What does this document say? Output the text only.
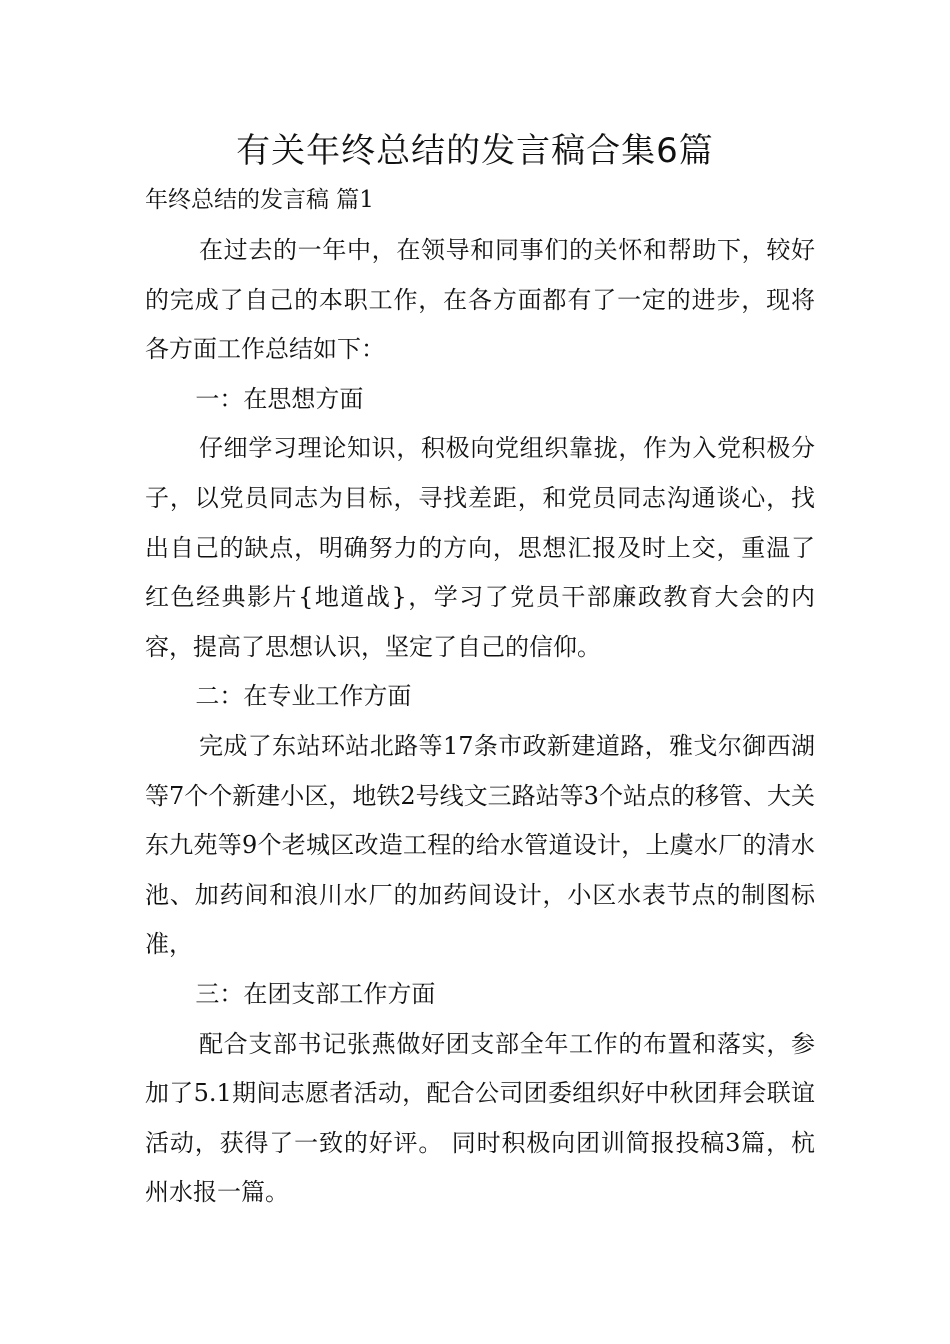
有关年终总结的发言稿合集6篇
年终总结的发言稿 篇1

在过去的一年中，在领导和同事们的关怀和帮助下，较好的完成了自己的本职工作，在各方面都有了一定的进步，现将各方面工作总结如下：

一：在思想方面

仔细学习理论知识，积极向党组织靠拢，作为入党积极分子，以党员同志为目标，寻找差距，和党员同志沟通谈心，找出自己的缺点，明确努力的方向，思想汇报及时上交，重温了红色经典影片{地道战}，学习了党员干部廉政教育大会的内容，提高了思想认识，坚定了自己的信仰。

二：在专业工作方面

完成了东站环站北路等17条市政新建道路，雅戈尔御西湖等7个个新建小区，地铁2号线文三路站等3个站点的移管、大关东九苑等9个老城区改造工程的给水管道设计，上虞水厂的清水池、加药间和浪川水厂的加药间设计，小区水表节点的制图标准，

三：在团支部工作方面

配合支部书记张燕做好团支部全年工作的布置和落实，参加了5.1期间志愿者活动，配合公司团委组织好中秋团拜会联谊活动，获得了一致的好评。 同时积极向团训简报投稿3篇，杭州水报一篇。
